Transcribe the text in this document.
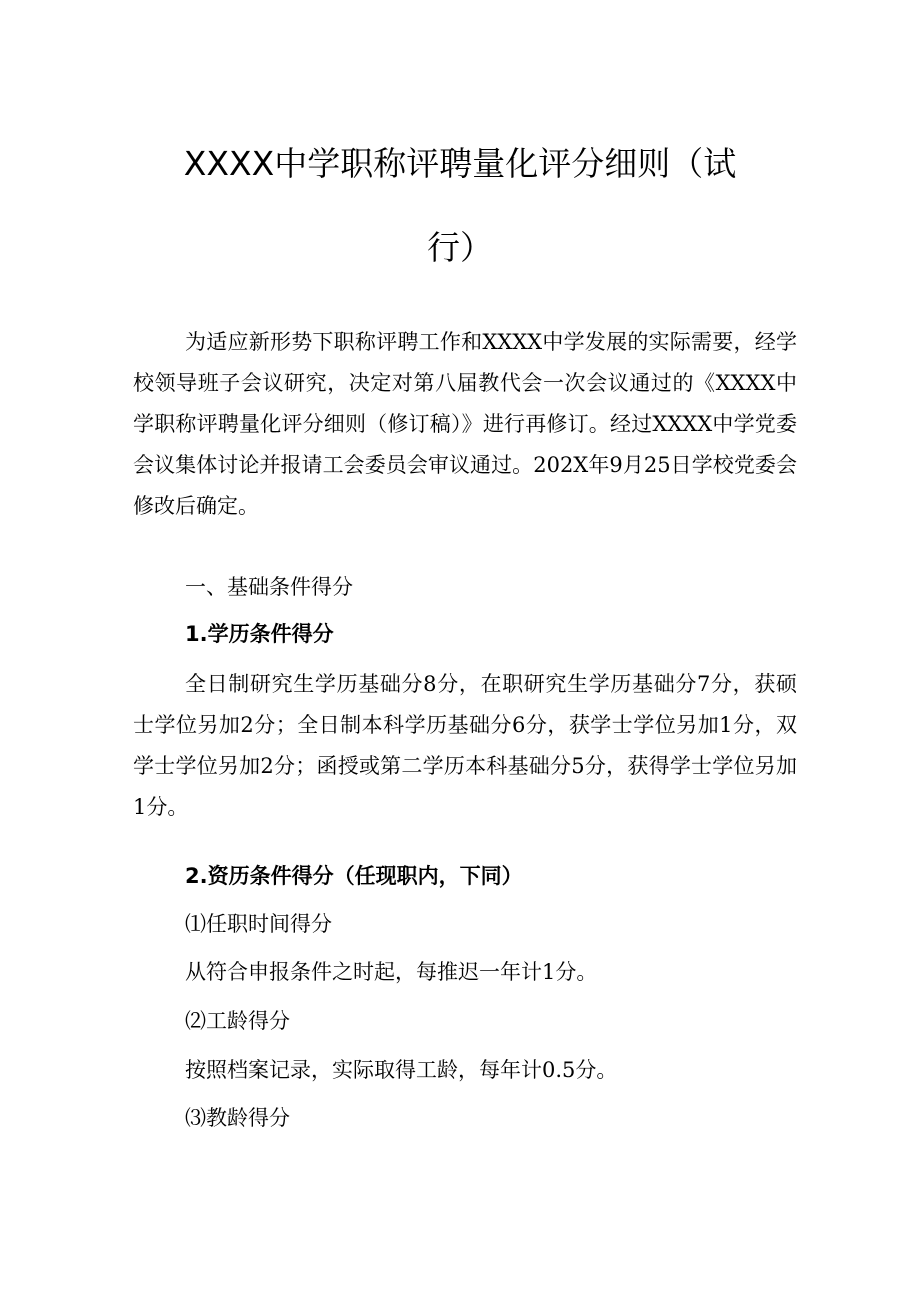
XXXX中学职称评聘量化评分细则（试
行）
为适应新形势下职称评聘工作和XXXX中学发展的实际需要，经学校领导班子会议研究，决定对第八届教代会一次会议通过的《XXXX中学职称评聘量化评分细则（修订稿）》进行再修订。经过XXXX中学党委会议集体讨论并报请工会委员会审议通过。202X年9月25日学校党委会修改后确定。
一、基础条件得分
1.学历条件得分
全日制研究生学历基础分8分，在职研究生学历基础分7分，获硕士学位另加2分；全日制本科学历基础分6分，获学士学位另加1分，双学士学位另加2分；函授或第二学历本科基础分5分，获得学士学位另加1分。
2.资历条件得分（任现职内，下同）
⑴任职时间得分
从符合申报条件之时起，每推迟一年计1分。
⑵工龄得分
按照档案记录，实际取得工龄，每年计0.5分。
⑶教龄得分
